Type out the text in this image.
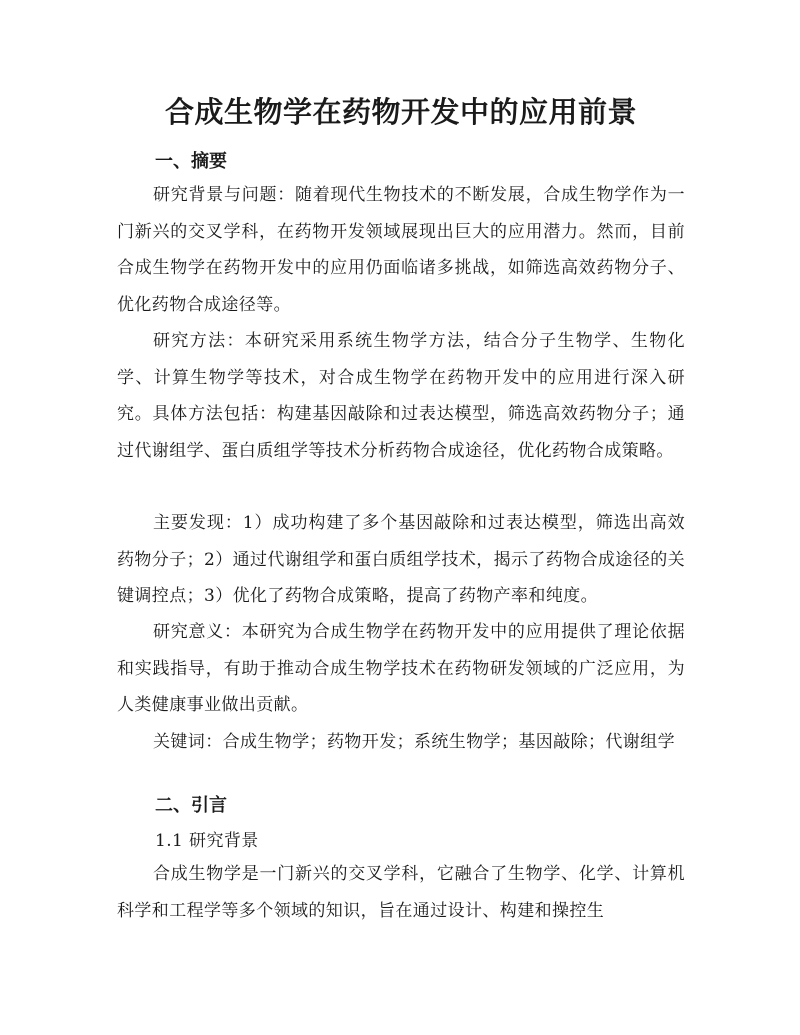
合成生物学在药物开发中的应用前景
一、摘要

研究背景与问题：随着现代生物技术的不断发展，合成生物学作为一门新兴的交叉学科，在药物开发领域展现出巨大的应用潜力。然而，目前合成生物学在药物开发中的应用仍面临诸多挑战，如筛选高效药物分子、优化药物合成途径等。

研究方法：本研究采用系统生物学方法，结合分子生物学、生物化学、计算生物学等技术，对合成生物学在药物开发中的应用进行深入研究。具体方法包括：构建基因敲除和过表达模型，筛选高效药物分子；通过代谢组学、蛋白质组学等技术分析药物合成途径，优化药物合成策略。

主要发现：1）成功构建了多个基因敲除和过表达模型，筛选出高效药物分子；2）通过代谢组学和蛋白质组学技术，揭示了药物合成途径的关键调控点；3）优化了药物合成策略，提高了药物产率和纯度。

研究意义：本研究为合成生物学在药物开发中的应用提供了理论依据和实践指导，有助于推动合成生物学技术在药物研发领域的广泛应用，为人类健康事业做出贡献。

关键词：合成生物学；药物开发；系统生物学；基因敲除；代谢组学

二、引言

1.1 研究背景

合成生物学是一门新兴的交叉学科，它融合了生物学、化学、计算机科学和工程学等多个领域的知识，旨在通过设计、构建和操控生
